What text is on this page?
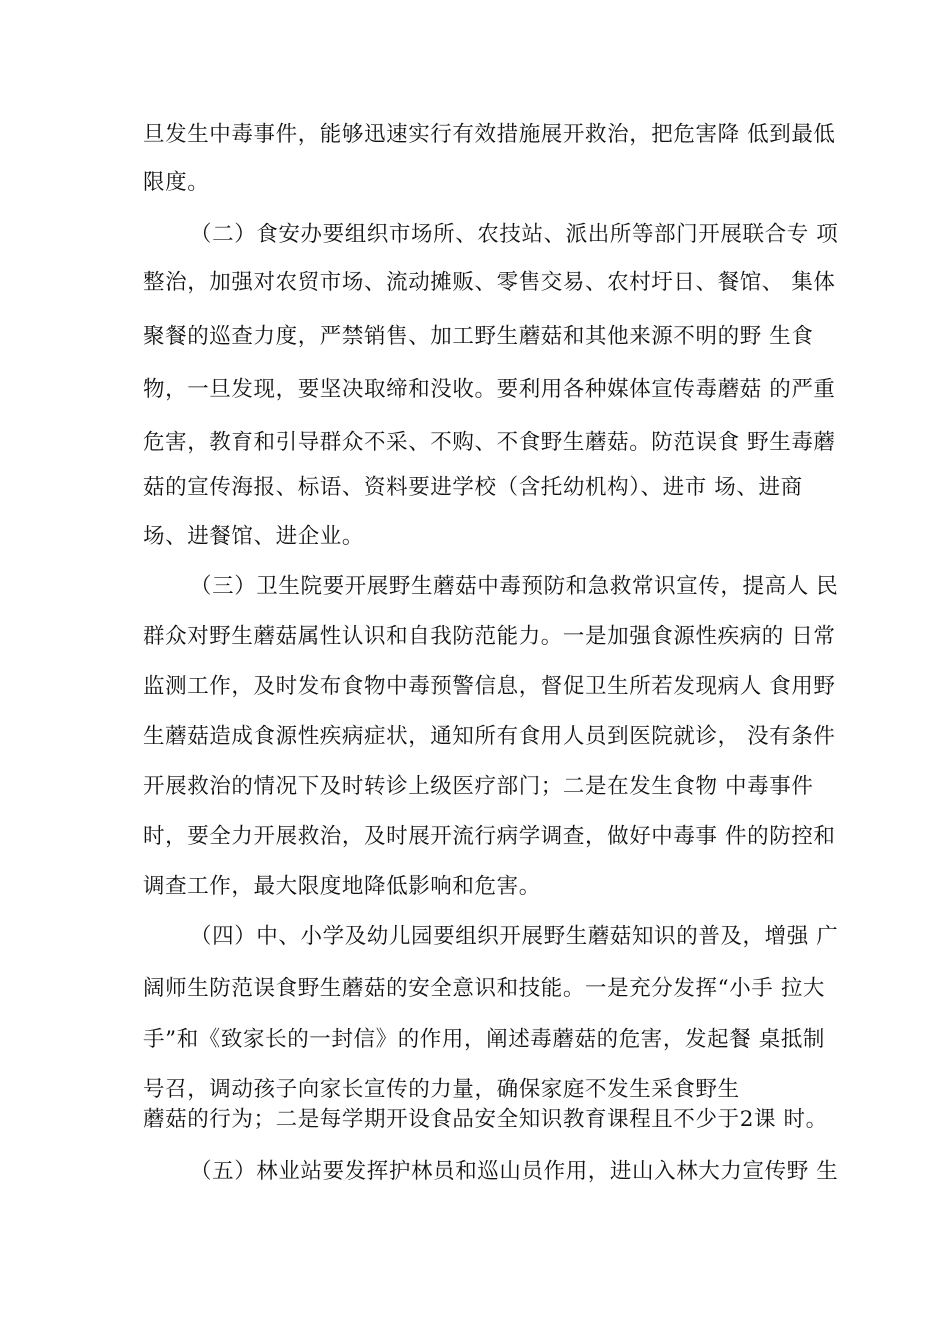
旦发生中毒事件，能够迅速实行有效措施展开救治，把危害降 低到最低
限度。
（二）食安办要组织市场所、农技站、派出所等部门开展联合专 项
整治，加强对农贸市场、流动摊贩、零售交易、农村圩日、餐馆、 集体
聚餐的巡查力度，严禁销售、加工野生蘑菇和其他来源不明的野 生食
物，一旦发现，要坚决取缔和没收。要利用各种媒体宣传毒蘑菇 的严重
危害，教育和引导群众不采、不购、不食野生蘑菇。防范误食 野生毒蘑
菇的宣传海报、标语、资料要进学校（含托幼机构）、进市 场、进商
场、进餐馆、进企业。
（三）卫生院要开展野生蘑菇中毒预防和急救常识宣传，提高人 民
群众对野生蘑菇属性认识和自我防范能力。一是加强食源性疾病的 日常
监测工作，及时发布食物中毒预警信息，督促卫生所若发现病人 食用野
生蘑菇造成食源性疾病症状，通知所有食用人员到医院就诊， 没有条件
开展救治的情况下及时转诊上级医疗部门；二是在发生食物 中毒事件
时，要全力开展救治，及时展开流行病学调查，做好中毒事 件的防控和
调查工作，最大限度地降低影响和危害。
（四）中、小学及幼儿园要组织开展野生蘑菇知识的普及，增强 广
阔师生防范误食野生蘑菇的安全意识和技能。一是充分发挥“小手 拉大
手”和《致家长的一封信》的作用，阐述毒蘑菇的危害，发起餐 桌抵制
号召，调动孩子向家长宣传的力量，确保家庭不发生采食野生
蘑菇的行为；二是每学期开设食品安全知识教育课程且不少于2课 时。
（五）林业站要发挥护林员和巡山员作用，进山入林大力宣传野 生
